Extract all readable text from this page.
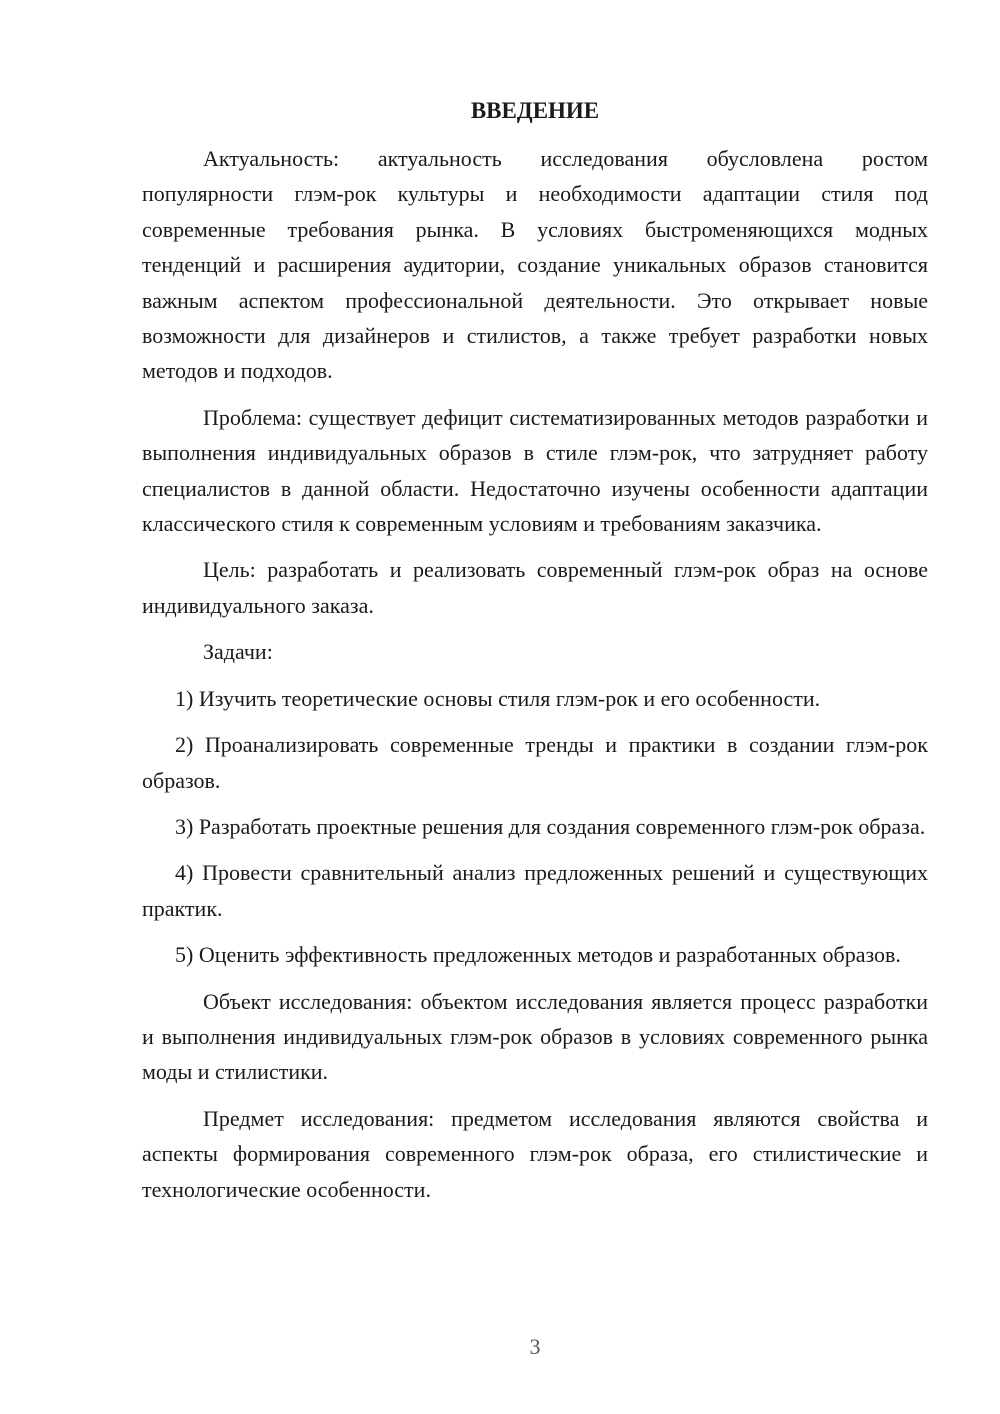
ВВЕДЕНИЕ

Актуальность: актуальность исследования обусловлена ростом популярности глэм-рок культуры и необходимости адаптации стиля под современные требования рынка. В условиях быстроменяющихся модных тенденций и расширения аудитории, создание уникальных образов становится важным аспектом профессиональной деятельности. Это открывает новые возможности для дизайнеров и стилистов, а также требует разработки новых методов и подходов.

Проблема: существует дефицит систематизированных методов разработки и выполнения индивидуальных образов в стиле глэм-рок, что затрудняет работу специалистов в данной области. Недостаточно изучены особенности адаптации классического стиля к современным условиям и требованиям заказчика.

Цель: разработать и реализовать современный глэм-рок образ на основе индивидуального заказа.

Задачи:

1) Изучить теоретические основы стиля глэм-рок и его особенности.

2) Проанализировать современные тренды и практики в создании глэм-рок образов.

3) Разработать проектные решения для создания современного глэм-рок образа.

4) Провести сравнительный анализ предложенных решений и существующих практик.

5) Оценить эффективность предложенных методов и разработанных образов.

Объект исследования: объектом исследования является процесс разработки и выполнения индивидуальных глэм-рок образов в условиях современного рынка моды и стилистики.

Предмет исследования: предметом исследования являются свойства и аспекты формирования современного глэм-рок образа, его стилистические и технологические особенности.

3
